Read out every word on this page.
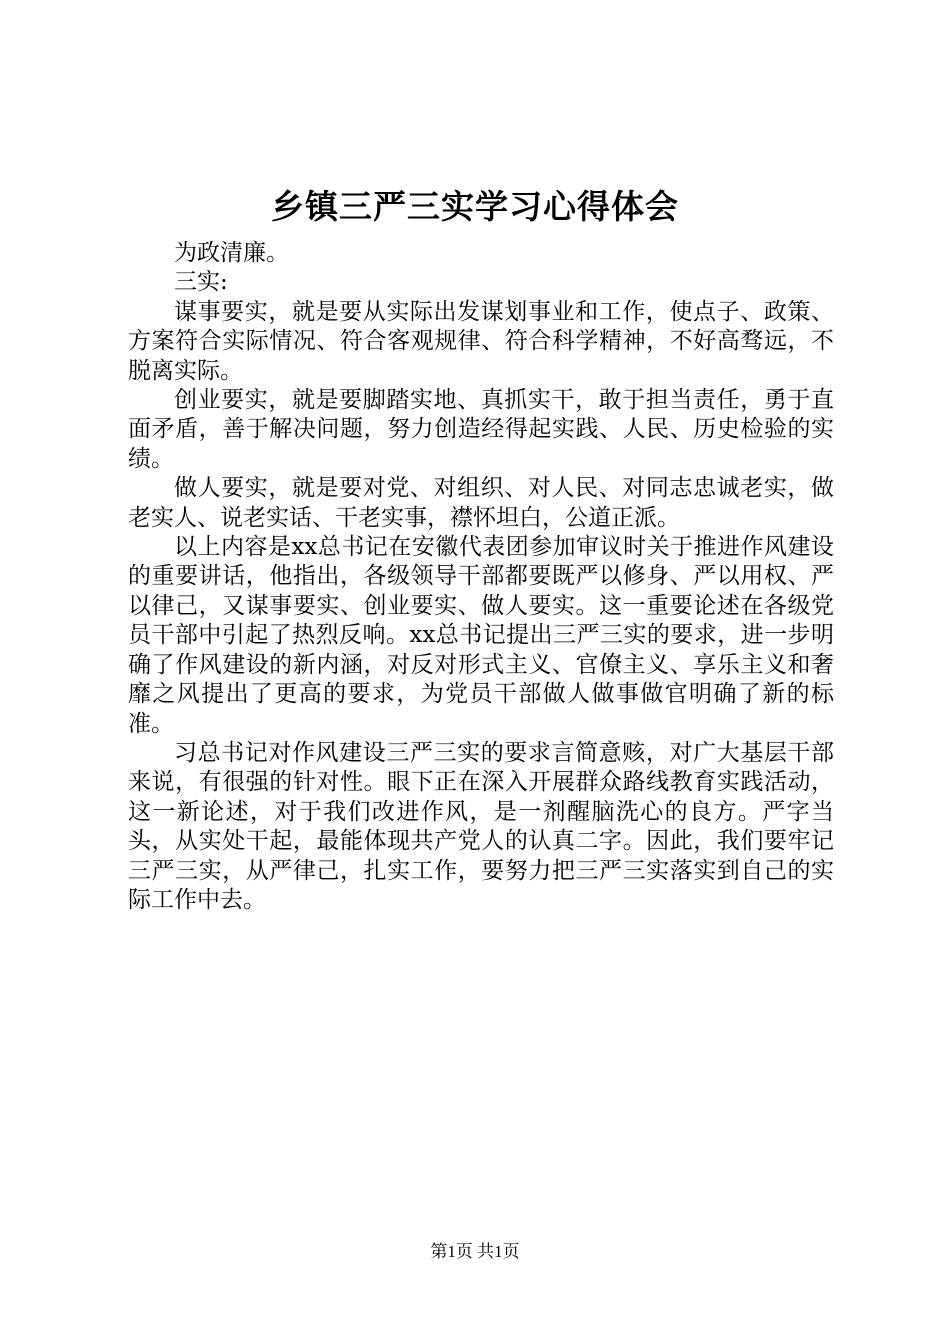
乡镇三严三实学习心得体会

为政清廉。

三实:

谋事要实，就是要从实际出发谋划事业和工作，使点子、政策、方案符合实际情况、符合客观规律、符合科学精神，不好高骛远，不脱离实际。

创业要实，就是要脚踏实地、真抓实干，敢于担当责任，勇于直面矛盾，善于解决问题，努力创造经得起实践、人民、历史检验的实绩。

做人要实，就是要对党、对组织、对人民、对同志忠诚老实，做老实人、说老实话、干老实事，襟怀坦白，公道正派。

以上内容是xx总书记在安徽代表团参加审议时关于推进作风建设的重要讲话，他指出，各级领导干部都要既严以修身、严以用权、严以律己，又谋事要实、创业要实、做人要实。这一重要论述在各级党员干部中引起了热烈反响。xx总书记提出三严三实的要求，进一步明确了作风建设的新内涵，对反对形式主义、官僚主义、享乐主义和奢靡之风提出了更高的要求，为党员干部做人做事做官明确了新的标准。

习总书记对作风建设三严三实的要求言简意赅，对广大基层干部来说，有很强的针对性。眼下正在深入开展群众路线教育实践活动，这一新论述，对于我们改进作风，是一剂醒脑洗心的良方。严字当头，从实处干起，最能体现共产党人的认真二字。因此，我们要牢记三严三实，从严律己，扎实工作，要努力把三严三实落实到自己的实际工作中去。

第1页 共1页
